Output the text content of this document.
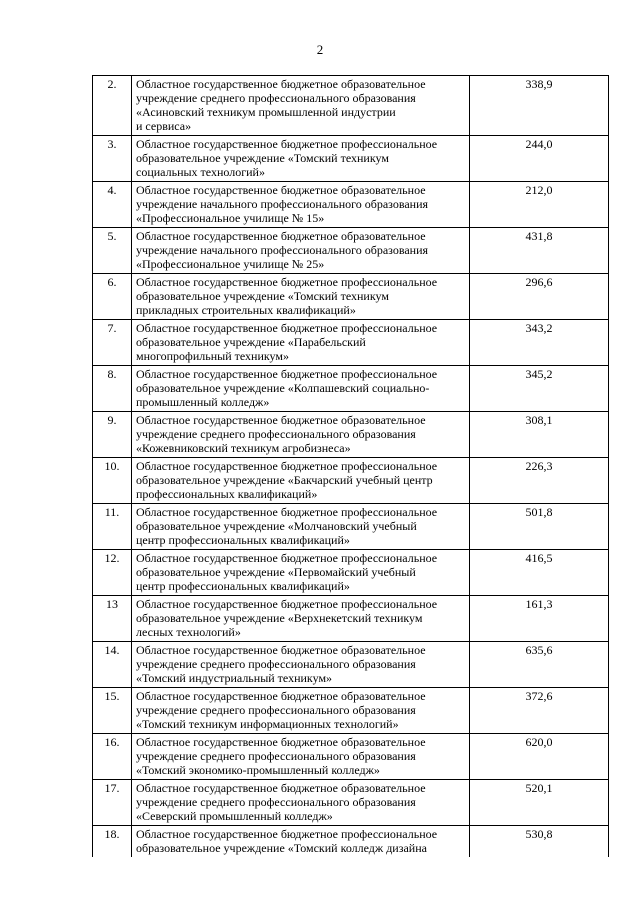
2
2.	Областное государственное бюджетное образовательное
учреждение среднего профессионального образования
«Асиновский техникум промышленной индустрии
и сервиса»	338,9
3.	Областное государственное бюджетное профессиональное
образовательное учреждение «Томский техникум
социальных технологий»	244,0
4.	Областное государственное бюджетное образовательное
учреждение начального профессионального образования
«Профессиональное училище № 15»	212,0
5.	Областное государственное бюджетное образовательное
учреждение начального профессионального образования
«Профессиональное училище № 25»	431,8
6.	Областное государственное бюджетное профессиональное
образовательное учреждение «Томский техникум
прикладных строительных квалификаций»	296,6
7.	Областное государственное бюджетное профессиональное
образовательное учреждение «Парабельский
многопрофильный техникум»	343,2
8.	Областное государственное бюджетное профессиональное
образовательное учреждение «Колпашевский социально-
промышленный колледж»	345,2
9.	Областное государственное бюджетное образовательное
учреждение среднего профессионального образования
«Кожевниковский техникум агробизнеса»	308,1
10.	Областное государственное бюджетное профессиональное
образовательное учреждение «Бакчарский учебный центр
профессиональных квалификаций»	226,3
11.	Областное государственное бюджетное профессиональное
образовательное учреждение «Молчановский учебный
центр профессиональных квалификаций»	501,8
12.	Областное государственное бюджетное профессиональное
образовательное учреждение «Первомайский учебный
центр профессиональных квалификаций»	416,5
13	Областное государственное бюджетное профессиональное
образовательное учреждение «Верхнекетский техникум
лесных технологий»	161,3
14.	Областное государственное бюджетное образовательное
учреждение среднего профессионального образования
«Томский индустриальный техникум»	635,6
15.	Областное государственное бюджетное образовательное
учреждение среднего профессионального образования
«Томский техникум информационных технологий»	372,6
16.	Областное государственное бюджетное образовательное
учреждение среднего профессионального образования
«Томский экономико-промышленный колледж»	620,0
17.	Областное государственное бюджетное образовательное
учреждение среднего профессионального образования
«Северский промышленный колледж»	520,1
18.	Областное государственное бюджетное профессиональное
образовательное учреждение «Томский колледж дизайна	530,8
